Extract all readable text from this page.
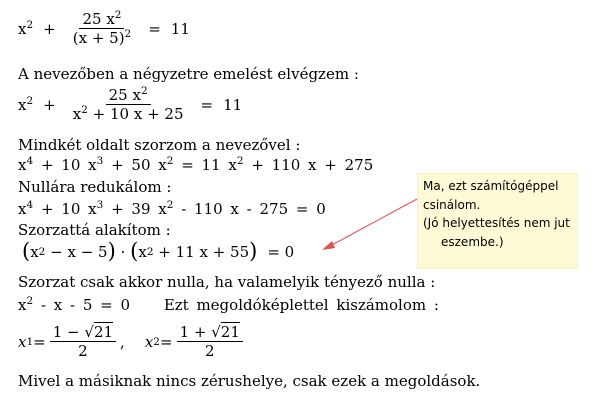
$x^2 + \frac{25 x^2}{(x + 5)^2} = 11$
A nevezőben a négyzetre emelést elvégzem :
$x^2 + \frac{25 x^2}{x^2 + 10 x + 25} = 11$
Mindkét oldalt szorzom a nevezővel :
$x^4 + 10$ $x^3 + 50$ $x^2 = 11$ $x^2 + 110$ x + 275
Nullára redukálom :
$x^4 + 10$ $x^3 + 39$ $x^2 - 110$ x - 275 = 0
Szorzattá alakítom :
( x 2
− x − 5 )
·
( x 2
+ 11 x + 55 ) = 0
Szorzat csak akkor nulla, ha valamelyik tényező nulla :
$x^2 - x - 5 = 0$ Ezt megoldóképlettel kiszámolom :
x $1 = \frac{1 - √21}{2}$ , x $2 = \frac{1 + √21}{2}$
Mivel a másiknak nincs zérushelye, csak ezek a megoldások.
Ma, ezt számítógéppel
csinálom.
(Jó helyettesítés nem jut
eszembe.)
